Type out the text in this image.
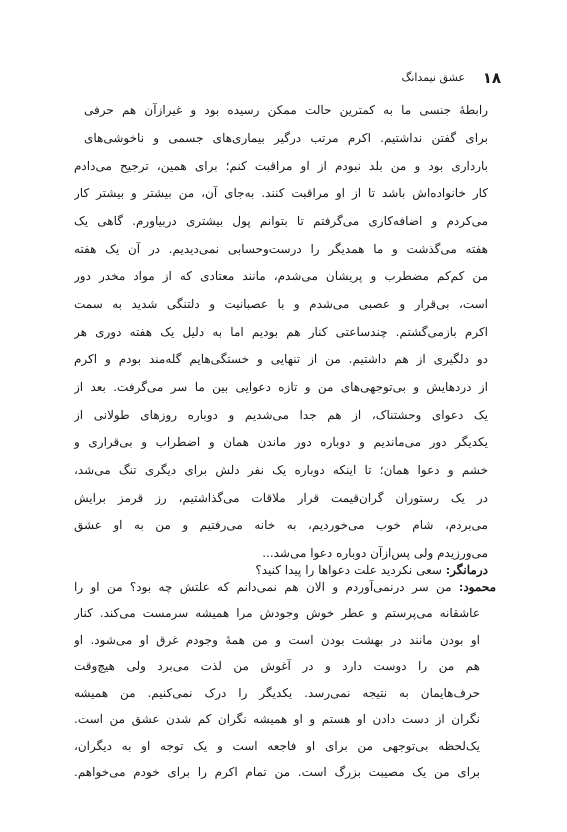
۱۸
عشق نیمدانگ
رابطهٔ جنسی ما به کمترین حالت ممکن رسیده بود و غیرازآن هم حرفی
برای گفتن نداشتیم. اکرم مرتب درگیر بیماری‌های جسمی و ناخوشی‌های
بارداری بود و من بلد نبودم از او مراقبت کنم؛ برای همین، ترجیح می‌دادم
کار خانواده‌اش باشد تا از او مراقبت کنند. به‌جای آن، من بیشتر و بیشتر کار
می‌کردم و اضافه‌کاری می‌گرفتم تا بتوانم پول بیشتری دربیاورم. گاهی یک
هفته می‌گذشت و ما همدیگر را درست‌وحسابی نمی‌دیدیم. در آن یک هفته
من کم‌کم مضطرب و پریشان می‌شدم، مانند معتادی که از مواد مخدر دور
است، بی‌قرار و عصبی می‌شدم و با عصبانیت و دلتنگی شدید به سمت
اکرم بازمی‌گشتم. چندساعتی کنار هم بودیم اما به دلیل یک هفته دوری هر
دو دلگیری از هم داشتیم. من از تنهایی و خستگی‌هایم گله‌مند بودم و اکرم
از دردهایش و بی‌توجهی‌های من و تازه دعوایی بین ما سر می‌گرفت. بعد از
یک دعوای وحشتناک، از هم جدا می‌شدیم و دوباره روزهای طولانی از
یکدیگر دور می‌ماندیم و دوباره دور ماندن همان و اضطراب و بی‌قراری و
خشم و دعوا همان؛ تا اینکه دوباره یک نفر دلش برای دیگری تنگ می‌شد،
در یک رستوران گران‌قیمت قرار ملاقات می‌گذاشتیم، رز قرمز برایش
می‌بردم، شام خوب می‌خوردیم، به خانه می‌رفتیم و من به او عشق
می‌ورزیدم ولی پس‌ازآن دوباره دعوا می‌شد...
درمانگر: سعی نکردید علت دعواها را پیدا کنید؟
محمود: من سر درنمی‌آوردم و الان هم نمی‌دانم که علتش چه بود؟ من او را
عاشقانه می‌پرستم و عطر خوش وجودش مرا همیشه سرمست می‌کند. کنار
او بودن مانند در بهشت بودن است و من همهٔ وجودم غرق او می‌شود. او
هم من را دوست دارد و در آغوش من لذت می‌برد ولی هیچ‌وقت
حرف‌هایمان به نتیجه نمی‌رسد. یکدیگر را درک نمی‌کنیم. من همیشه
نگران از دست دادن او هستم و او همیشه نگران کم شدن عشق من است.
یک‌لحظه بی‌توجهی من برای او فاجعه است و یک توجه او به دیگران،
برای من یک مصیبت بزرگ است. من تمام اکرم را برای خودم می‌خواهم.
